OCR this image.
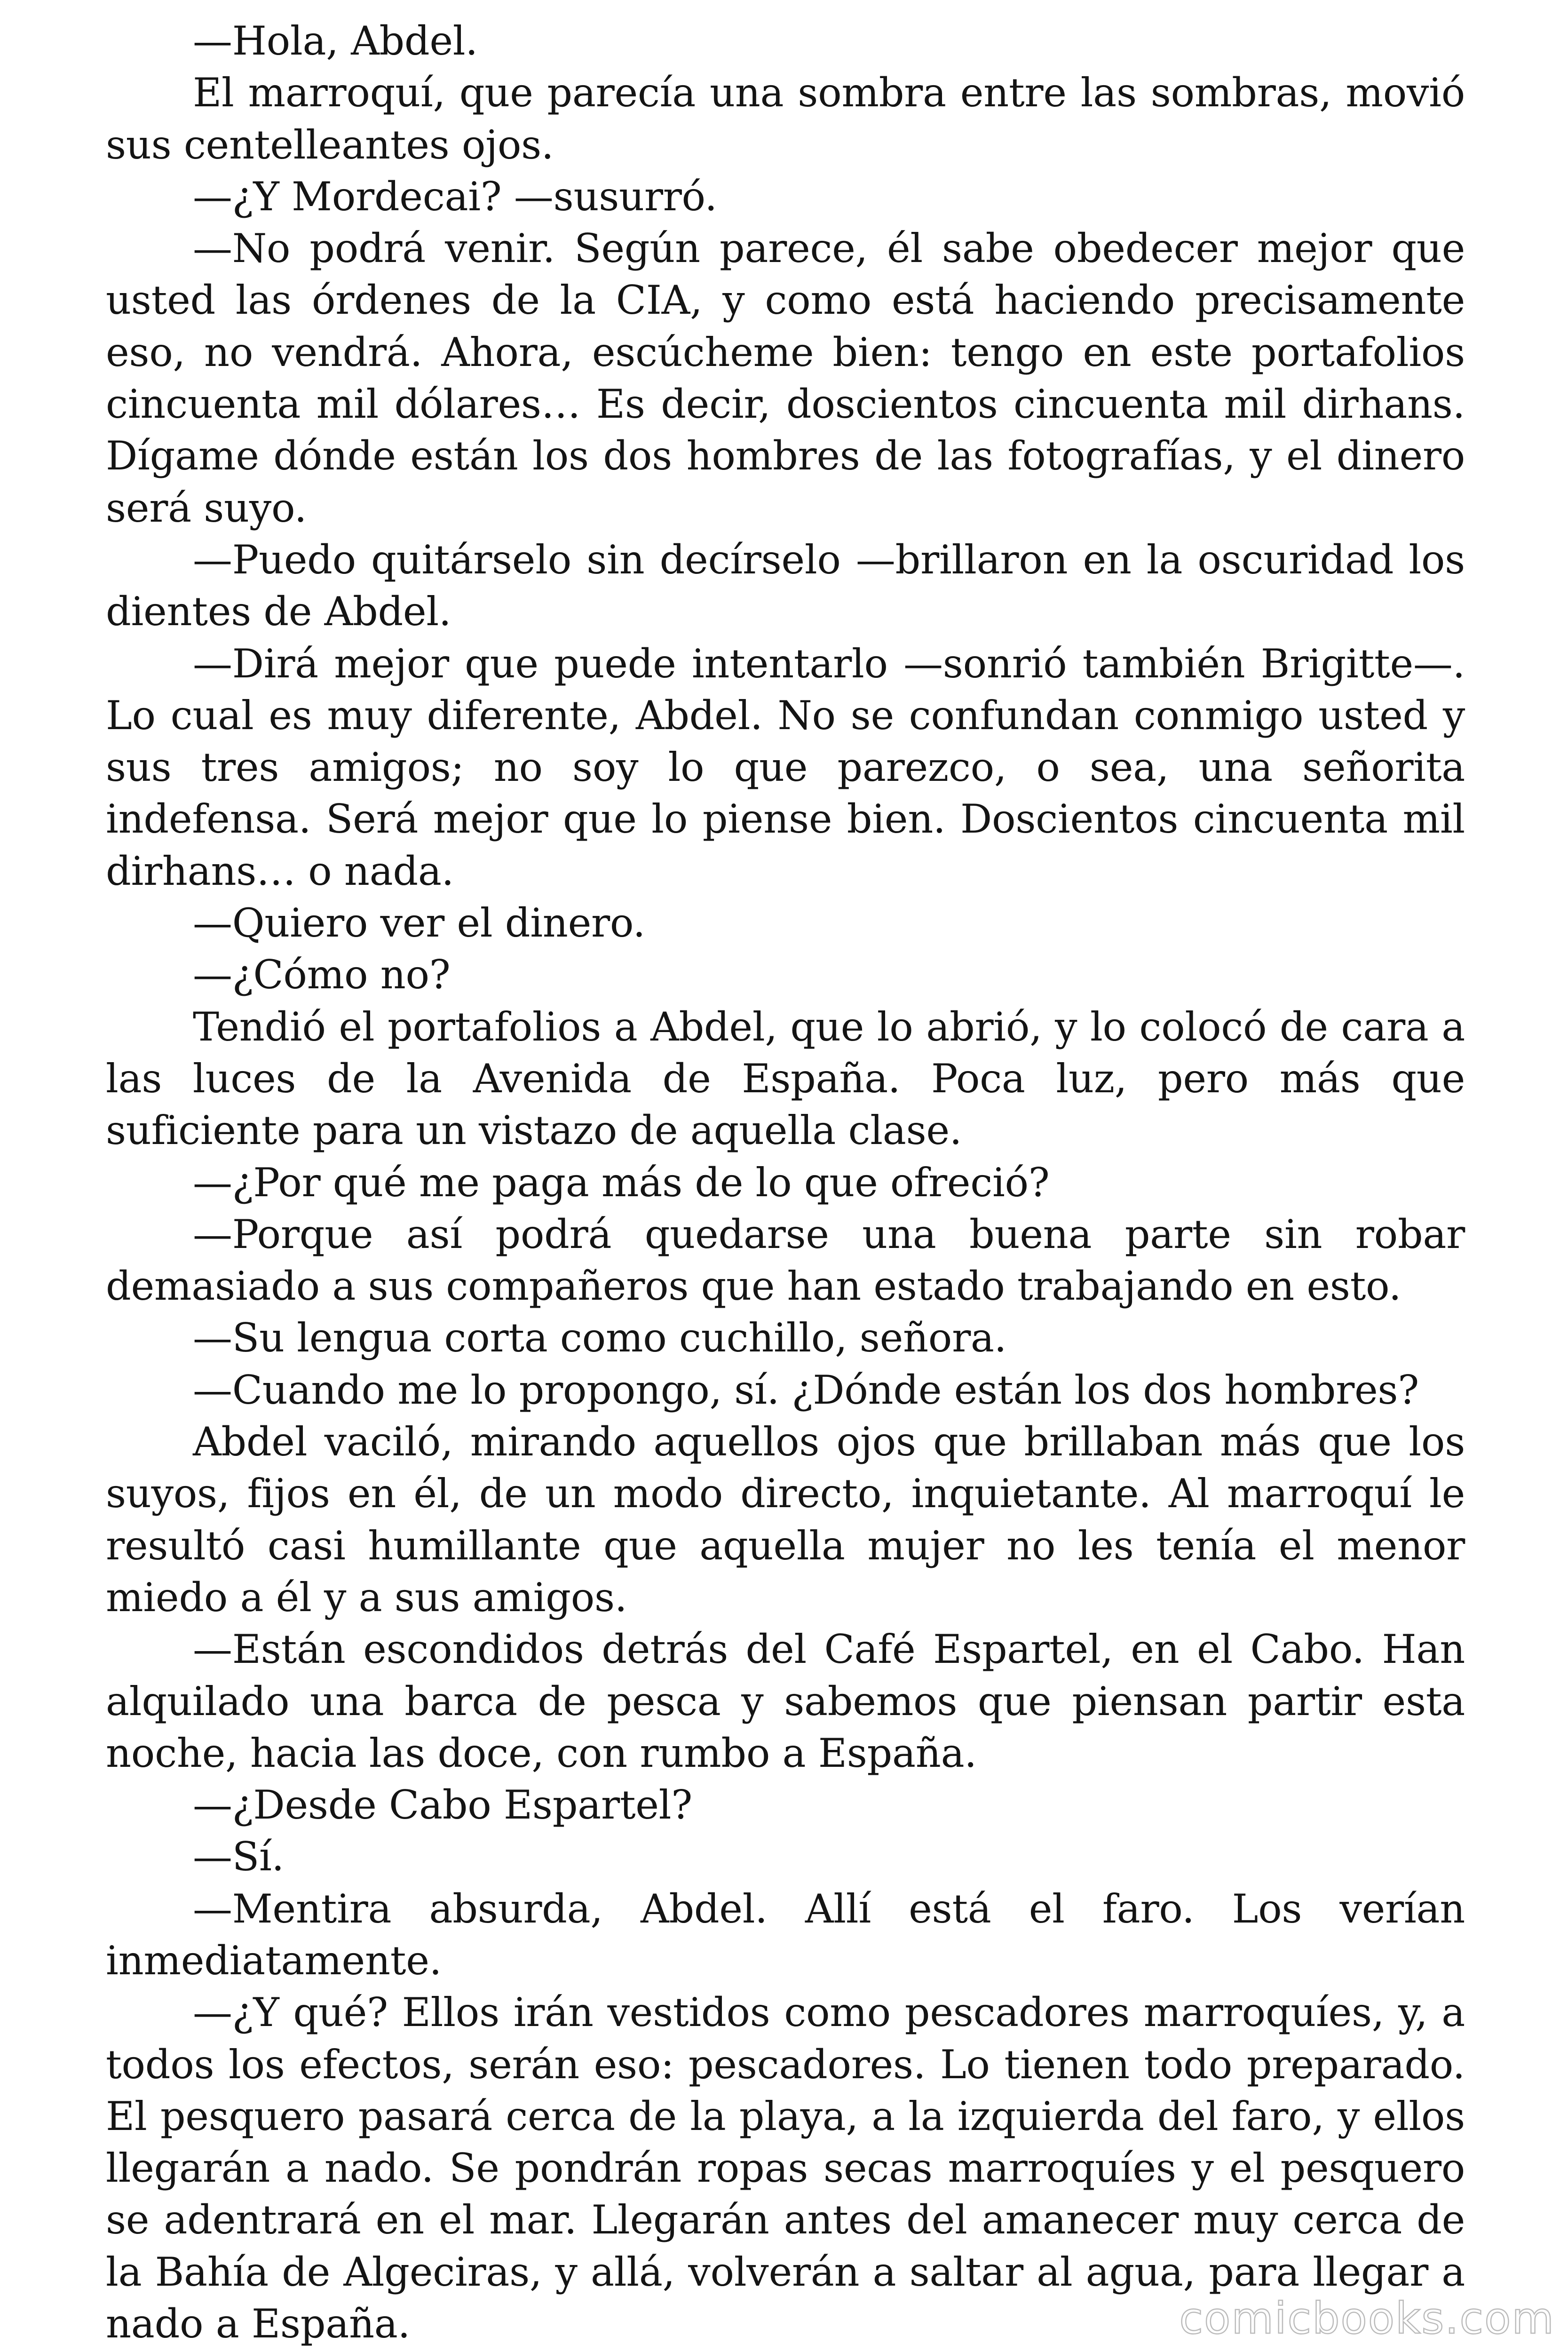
—Hola, Abdel.

El marroquí, que parecía una sombra entre las sombras, movió sus centelleantes ojos.

—¿Y Mordecai? —susurró.

—No podrá venir. Según parece, él sabe obedecer mejor que usted las órdenes de la CIA, y como está haciendo precisamente eso, no vendrá. Ahora, escúcheme bien: tengo en este portafolios cincuenta mil dólares… Es decir, doscientos cincuenta mil dirhans. Dígame dónde están los dos hombres de las fotografías, y el dinero será suyo.

—Puedo quitárselo sin decírselo —brillaron en la oscuridad los dientes de Abdel.

—Dirá mejor que puede intentarlo —sonrió también Brigitte—. Lo cual es muy diferente, Abdel. No se confundan conmigo usted y sus tres amigos; no soy lo que parezco, o sea, una señorita indefensa. Será mejor que lo piense bien. Doscientos cincuenta mil dirhans… o nada.

—Quiero ver el dinero.

—¿Cómo no?

Tendió el portafolios a Abdel, que lo abrió, y lo colocó de cara a las luces de la Avenida de España. Poca luz, pero más que suficiente para un vistazo de aquella clase.

—¿Por qué me paga más de lo que ofreció?

—Porque así podrá quedarse una buena parte sin robar demasiado a sus compañeros que han estado trabajando en esto.

—Su lengua corta como cuchillo, señora.

—Cuando me lo propongo, sí. ¿Dónde están los dos hombres?

Abdel vaciló, mirando aquellos ojos que brillaban más que los suyos, fijos en él, de un modo directo, inquietante. Al marroquí le resultó casi humillante que aquella mujer no les tenía el menor miedo a él y a sus amigos.

—Están escondidos detrás del Café Espartel, en el Cabo. Han alquilado una barca de pesca y sabemos que piensan partir esta noche, hacia las doce, con rumbo a España.

—¿Desde Cabo Espartel?

—Sí.

—Mentira absurda, Abdel. Allí está el faro. Los verían inmediatamente.

—¿Y qué? Ellos irán vestidos como pescadores marroquíes, y, a todos los efectos, serán eso: pescadores. Lo tienen todo preparado. El pesquero pasará cerca de la playa, a la izquierda del faro, y ellos llegarán a nado. Se pondrán ropas secas marroquíes y el pesquero se adentrará en el mar. Llegarán antes del amanecer muy cerca de la Bahía de Algeciras, y allá, volverán a saltar al agua, para llegar a nado a España.	comicbooks.com
